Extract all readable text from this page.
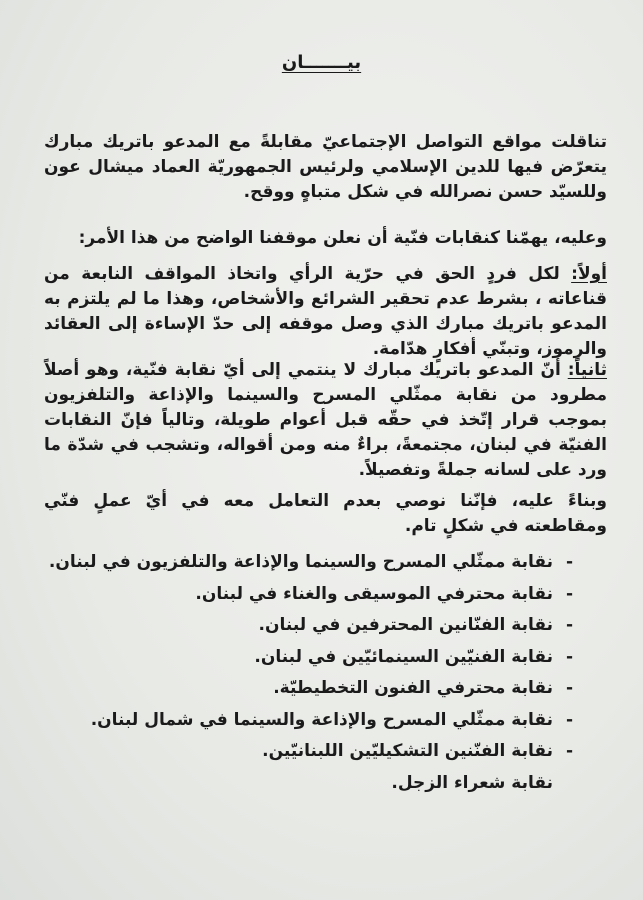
بيـــــــان
تناقلت مواقع التواصل الإجتماعيّ مقابلةً مع المدعو باتريك مبارك يتعرّض فيها للدين الإسلامي ولرئيس الجمهوريّة العماد ميشال عون وللسيّد حسن نصرالله في شكل متباهٍ ووقح.
وعليه، يهمّنا كنقابات فنّية أن نعلن موقفنا الواضح من هذا الأمر:
أولاً: لكل فردٍ الحق في حرّية الرأي واتخاذ المواقف النابعة من قناعاته ، بشرط عدم تحقير الشرائع والأشخاص، وهذا ما لم يلتزم به المدعو باتريك مبارك الذي وصل موقفه إلى حدّ الإساءة إلى العقائد والرموز، وتبنّي أفكارٍ هدّامة.
ثانياً: أنّ المدعو باتريك مبارك لا ينتمي إلى أيّ نقابة فنّية، وهو أصلاً مطرود من نقابة ممثّلي المسرح والسينما والإذاعة والتلفزيون بموجب قرار إتّخذ في حقّه قبل أعوام طويلة، وتالياً فإنّ النقابات الفنيّة في لبنان، مجتمعةً، براءٌ منه ومن أقواله، وتشجب في شدّة ما ورد على لسانه جملةً وتفصيلاً.
وبناءً عليه، فإنّنا نوصي بعدم التعامل معه في أيّ عملٍ فنّي ومقاطعته في شكلٍ تام.
-نقابة ممثّلي المسرح والسينما والإذاعة والتلفزيون في لبنان.
-نقابة محترفي الموسيقى والغناء في لبنان.
-نقابة الفنّانين المحترفين في لبنان.
-نقابة الفنيّين السينمائيّين في لبنان.
-نقابة محترفي الفنون التخطيطيّة.
-نقابة ممثّلي المسرح والإذاعة والسينما في شمال لبنان.
-نقابة الفنّنين التشكيليّين اللبنانيّين.
نقابة شعراء الزجل.
